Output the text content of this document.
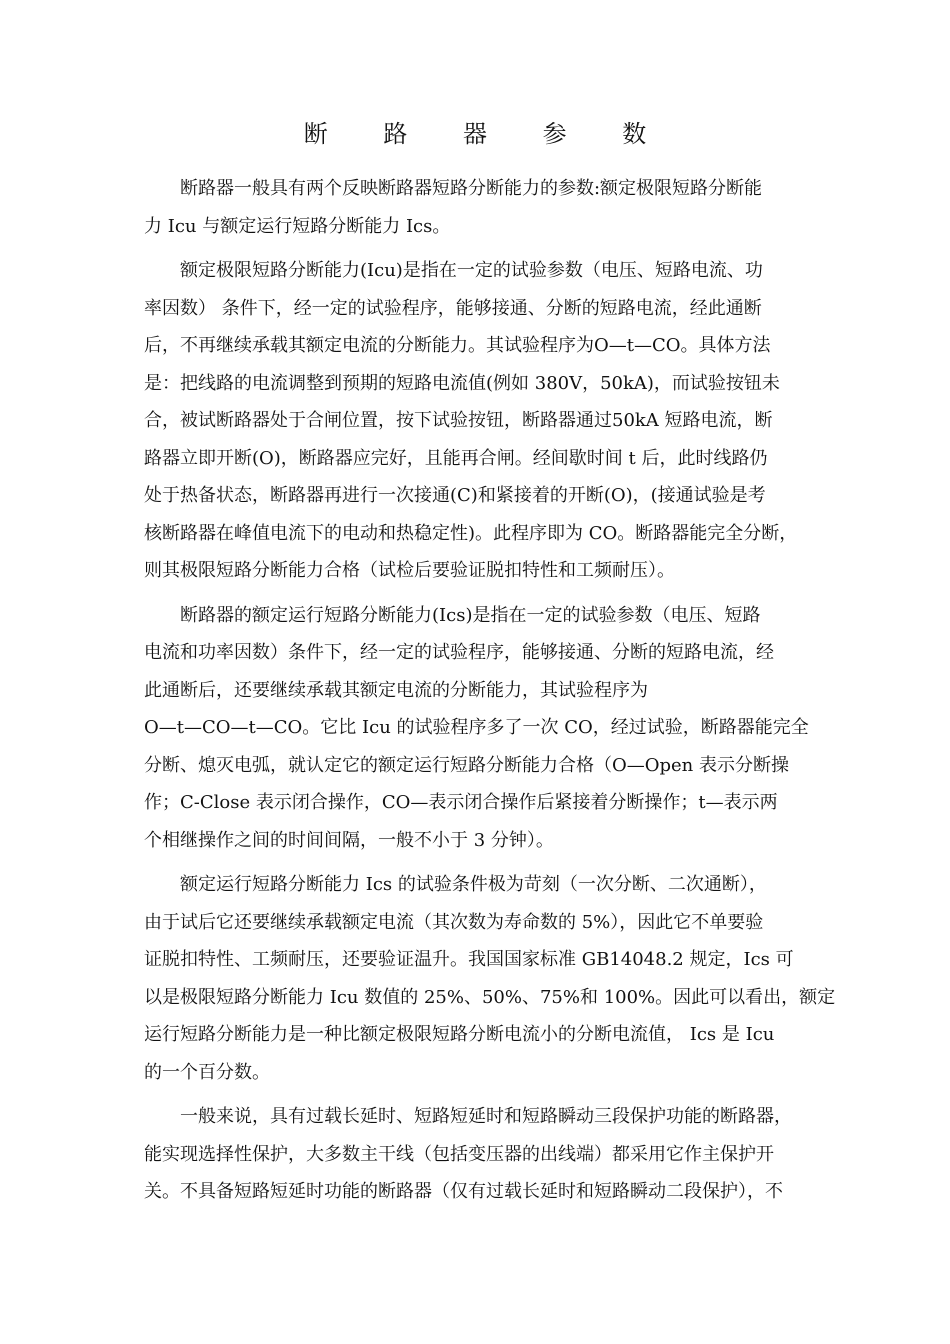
断 路 器 参 数
断路器一般具有两个反映断路器短路分断能力的参数:额定极限短路分断能
力 Icu 与额定运行短路分断能力 Ics。
额定极限短路分断能力(Icu)是指在一定的试验参数（电压、短路电流、功
率因数） 条件下，经一定的试验程序，能够接通、分断的短路电流，经此通断
后，不再继续承载其额定电流的分断能力。其试验程序为O—t—CO。具体方法
是：把线路的电流调整到预期的短路电流值(例如 380V，50kA)，而试验按钮未
合，被试断路器处于合闸位置，按下试验按钮，断路器通过50kA 短路电流，断
路器立即开断(O)，断路器应完好，且能再合闸。经间歇时间 t 后，此时线路仍
处于热备状态，断路器再进行一次接通(C)和紧接着的开断(O)，(接通试验是考
核断路器在峰值电流下的电动和热稳定性)。此程序即为 CO。断路器能完全分断，
则其极限短路分断能力合格（试检后要验证脱扣特性和工频耐压）。
断路器的额定运行短路分断能力(Ics)是指在一定的试验参数（电压、短路
电流和功率因数）条件下，经一定的试验程序，能够接通、分断的短路电流，经
此通断后，还要继续承载其额定电流的分断能力，其试验程序为
O—t—CO—t—CO。它比 Icu 的试验程序多了一次 CO，经过试验，断路器能完全
分断、熄灭电弧，就认定它的额定运行短路分断能力合格（O—Open 表示分断操
作；C-Close 表示闭合操作，CO—表示闭合操作后紧接着分断操作；t—表示两
个相继操作之间的时间间隔，一般不小于 3 分钟）。
额定运行短路分断能力 Ics 的试验条件极为苛刻（一次分断、二次通断），
由于试后它还要继续承载额定电流（其次数为寿命数的 5%），因此它不单要验
证脱扣特性、工频耐压，还要验证温升。我国国家标准 GB14048.2 规定，Ics 可
以是极限短路分断能力 Icu 数值的 25%、50%、75%和 100%。因此可以看出，额定
运行短路分断能力是一种比额定极限短路分断电流小的分断电流值， Ics 是 Icu
的一个百分数。
一般来说，具有过载长延时、短路短延时和短路瞬动三段保护功能的断路器，
能实现选择性保护，大多数主干线（包括变压器的出线端）都采用它作主保护开
关。不具备短路短延时功能的断路器（仅有过载长延时和短路瞬动二段保护），不
